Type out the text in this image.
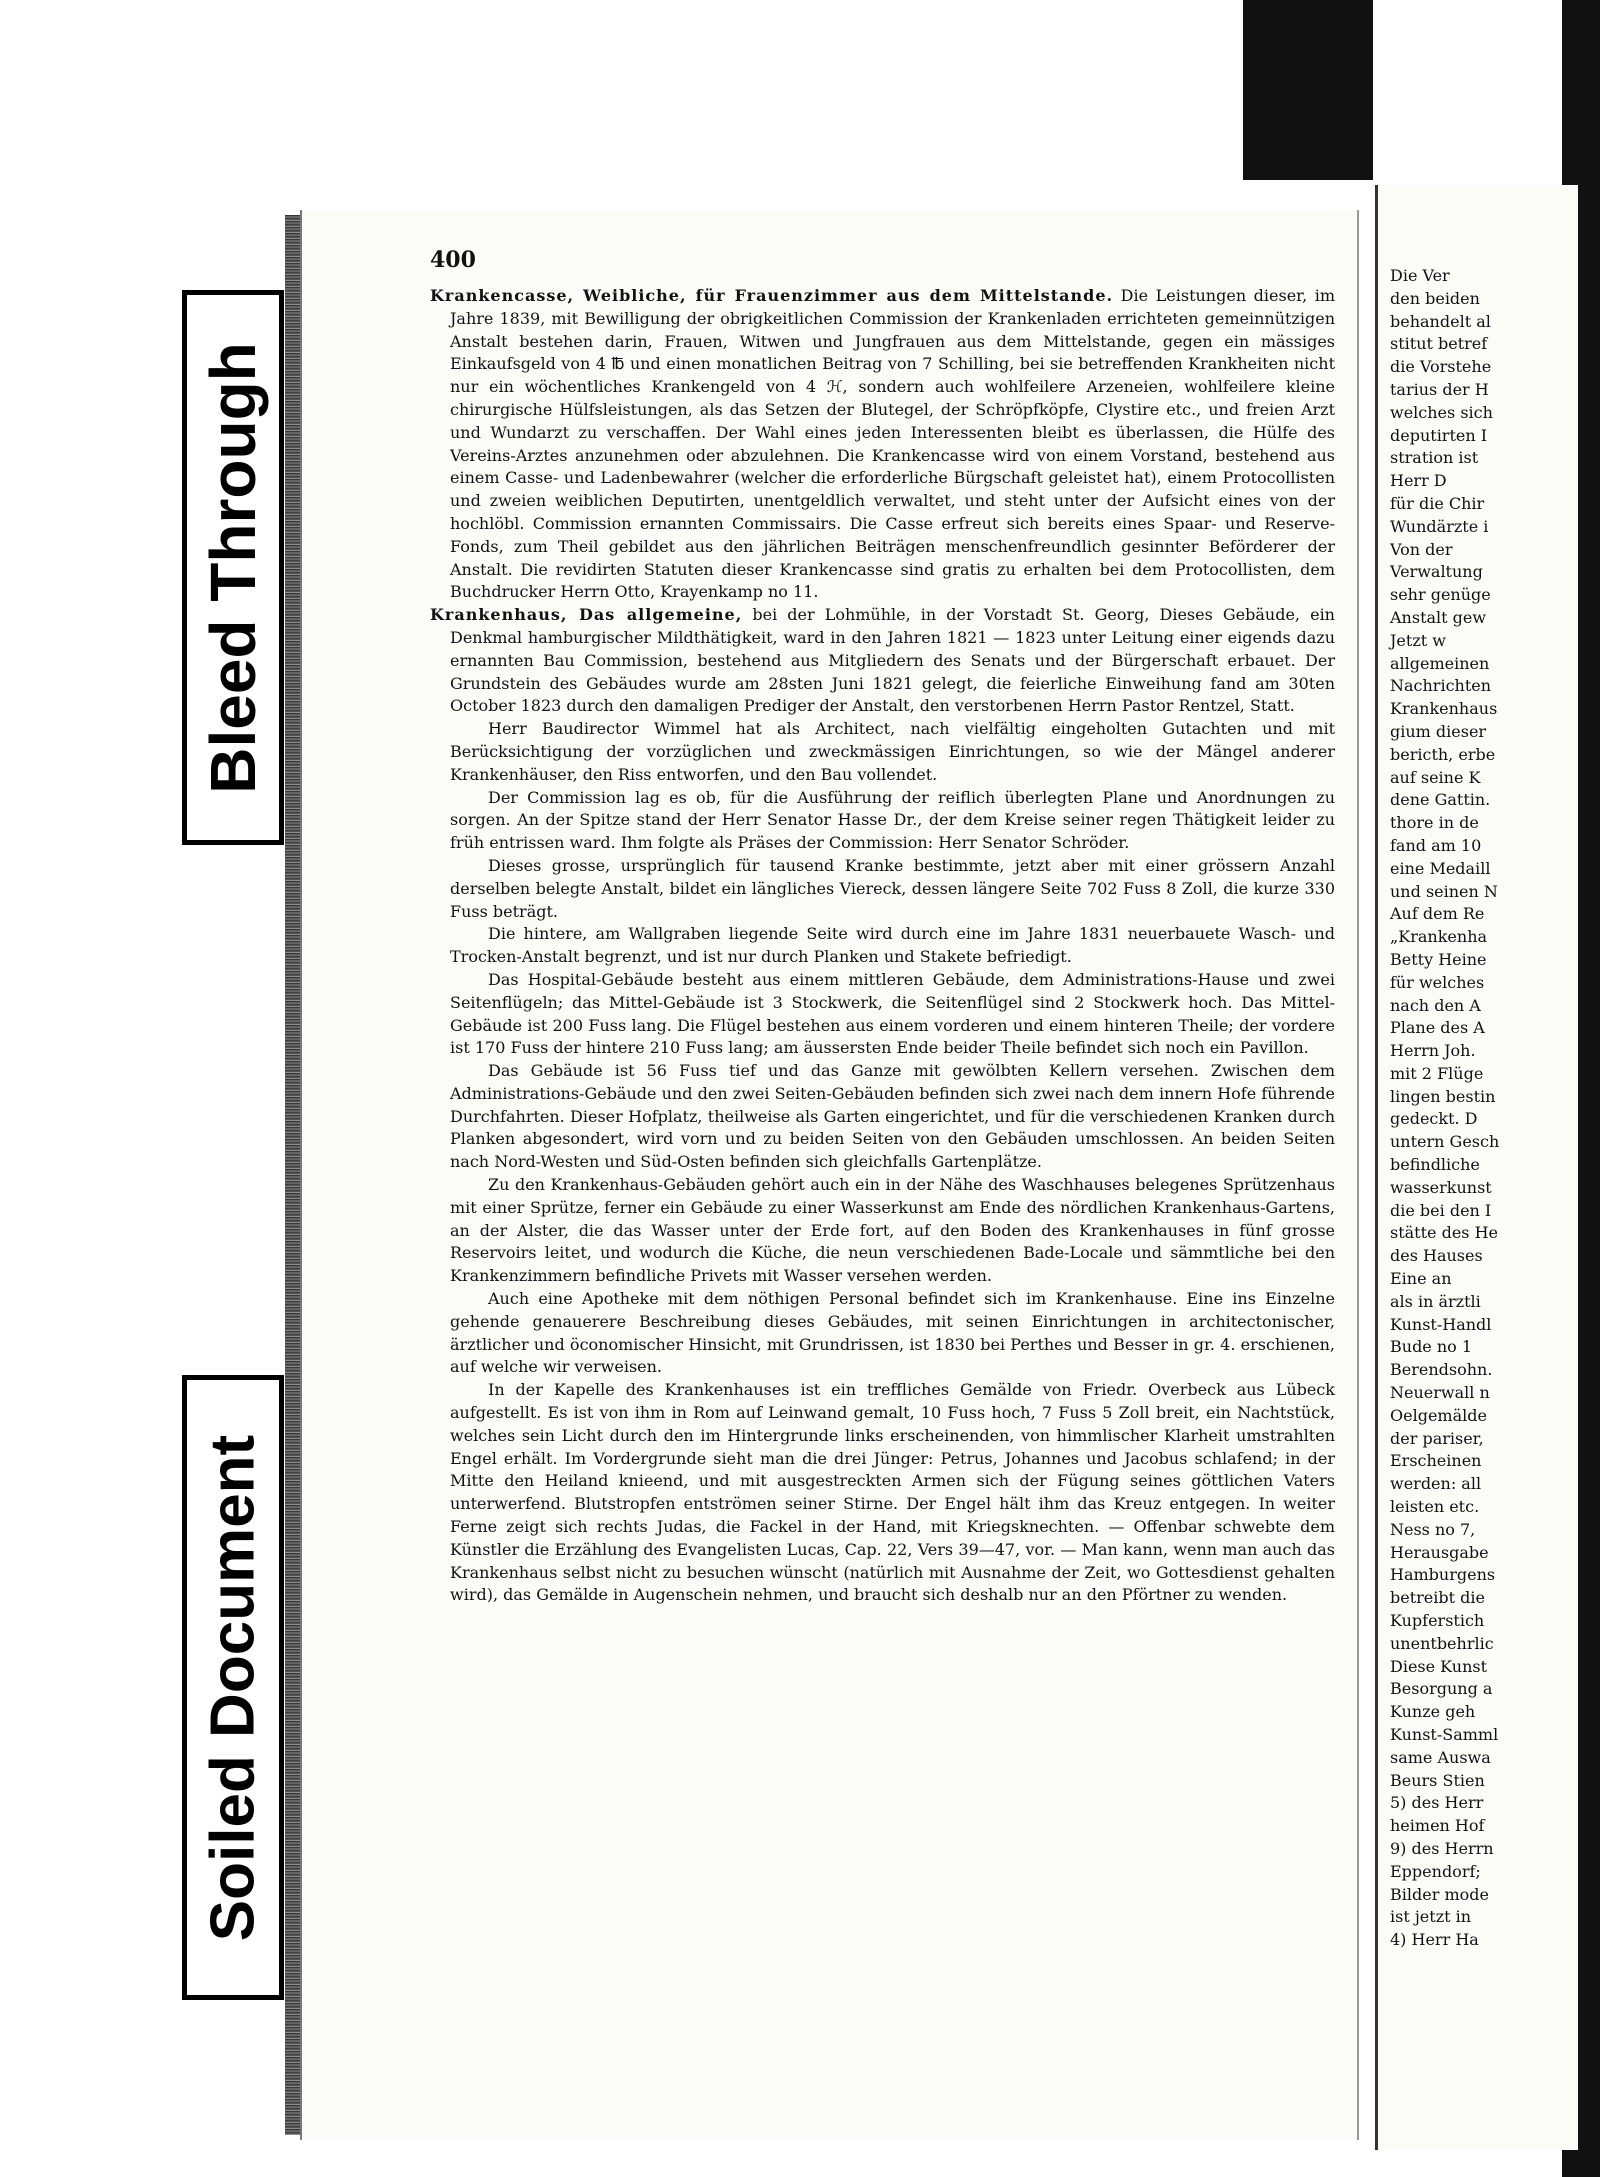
Bleed Through
Soiled Document
400
Krankencasse, Weibliche, für Frauenzimmer aus dem Mittelstande. Die Leistungen dieser, im Jahre 1839, mit Bewilligung der obrigkeitlichen Commission der Krankenladen errichteten gemeinnützigen Anstalt bestehen darin, Frauen, Witwen und Jungfrauen aus dem Mittelstande, gegen ein mässiges Einkaufsgeld von 4 ℔ und einen monatlichen Beitrag von 7 Schilling, bei sie betreffenden Krankheiten nicht nur ein wöchentliches Krankengeld von 4 ℋ, sondern auch wohlfeilere Arzeneien, wohlfeilere kleine chirurgische Hülfsleistungen, als das Setzen der Blutegel, der Schröpfköpfe, Clystire etc., und freien Arzt und Wundarzt zu verschaffen. Der Wahl eines jeden Interessenten bleibt es überlassen, die Hülfe des Vereins-Arztes anzunehmen oder abzulehnen. Die Krankencasse wird von einem Vorstand, bestehend aus einem Casse- und Ladenbewahrer (welcher die erforderliche Bürgschaft geleistet hat), einem Protocollisten und zweien weiblichen Deputirten, unentgeldlich verwaltet, und steht unter der Aufsicht eines von der hochlöbl. Commission ernannten Commissairs. Die Casse erfreut sich bereits eines Spaar- und Reserve-Fonds, zum Theil gebildet aus den jährlichen Beiträgen menschenfreundlich gesinnter Beförderer der Anstalt. Die revidirten Statuten dieser Krankencasse sind gratis zu erhalten bei dem Protocollisten, dem Buchdrucker Herrn Otto, Krayenkamp no 11.
Krankenhaus, Das allgemeine, bei der Lohmühle, in der Vorstadt St. Georg, Dieses Gebäude, ein Denkmal hamburgischer Mildthätigkeit, ward in den Jahren 1821 — 1823 unter Leitung einer eigends dazu ernannten Bau Commission, bestehend aus Mitgliedern des Senats und der Bürgerschaft erbauet. Der Grundstein des Gebäudes wurde am 28sten Juni 1821 gelegt, die feierliche Einweihung fand am 30ten October 1823 durch den damaligen Prediger der Anstalt, den verstorbenen Herrn Pastor Rentzel, Statt.

Herr Baudirector Wimmel hat als Architect, nach vielfältig eingeholten Gutachten und mit Berücksichtigung der vorzüglichen und zweckmässigen Einrichtungen, so wie der Mängel anderer Krankenhäuser, den Riss entworfen, und den Bau vollendet.

Der Commission lag es ob, für die Ausführung der reiflich überlegten Plane und Anordnungen zu sorgen. An der Spitze stand der Herr Senator Hasse Dr., der dem Kreise seiner regen Thätigkeit leider zu früh entrissen ward. Ihm folgte als Präses der Commission: Herr Senator Schröder.

Dieses grosse, ursprünglich für tausend Kranke bestimmte, jetzt aber mit einer grössern Anzahl derselben belegte Anstalt, bildet ein längliches Viereck, dessen längere Seite 702 Fuss 8 Zoll, die kurze 330 Fuss beträgt.

Die hintere, am Wallgraben liegende Seite wird durch eine im Jahre 1831 neuerbauete Wasch- und Trocken-Anstalt begrenzt, und ist nur durch Planken und Stakete befriedigt.

Das Hospital-Gebäude besteht aus einem mittleren Gebäude, dem Administrations-Hause und zwei Seitenflügeln; das Mittel-Gebäude ist 3 Stockwerk, die Seitenflügel sind 2 Stockwerk hoch. Das Mittel-Gebäude ist 200 Fuss lang. Die Flügel bestehen aus einem vorderen und einem hinteren Theile; der vordere ist 170 Fuss der hintere 210 Fuss lang; am äussersten Ende beider Theile befindet sich noch ein Pavillon.

Das Gebäude ist 56 Fuss tief und das Ganze mit gewölbten Kellern versehen. Zwischen dem Administrations-Gebäude und den zwei Seiten-Gebäuden befinden sich zwei nach dem innern Hofe führende Durchfahrten. Dieser Hofplatz, theilweise als Garten eingerichtet, und für die verschiedenen Kranken durch Planken abgesondert, wird vorn und zu beiden Seiten von den Gebäuden umschlossen. An beiden Seiten nach Nord-Westen und Süd-Osten befinden sich gleichfalls Gartenplätze.

Zu den Krankenhaus-Gebäuden gehört auch ein in der Nähe des Waschhauses belegenes Sprützenhaus mit einer Sprütze, ferner ein Gebäude zu einer Wasserkunst am Ende des nördlichen Krankenhaus-Gartens, an der Alster, die das Wasser unter der Erde fort, auf den Boden des Krankenhauses in fünf grosse Reservoirs leitet, und wodurch die Küche, die neun verschiedenen Bade-Locale und sämmtliche bei den Krankenzimmern befindliche Privets mit Wasser versehen werden.

Auch eine Apotheke mit dem nöthigen Personal befindet sich im Krankenhause. Eine ins Einzelne gehende genauerere Beschreibung dieses Gebäudes, mit seinen Einrichtungen in architectonischer, ärztlicher und öconomischer Hinsicht, mit Grundrissen, ist 1830 bei Perthes und Besser in gr. 4. erschienen, auf welche wir verweisen.

In der Kapelle des Krankenhauses ist ein treffliches Gemälde von Friedr. Overbeck aus Lübeck aufgestellt. Es ist von ihm in Rom auf Leinwand gemalt, 10 Fuss hoch, 7 Fuss 5 Zoll breit, ein Nachtstück, welches sein Licht durch den im Hintergrunde links erscheinenden, von himmlischer Klarheit umstrahlten Engel erhält. Im Vordergrunde sieht man die drei Jünger: Petrus, Johannes und Jacobus schlafend; in der Mitte den Heiland knieend, und mit ausgestreckten Armen sich der Fügung seines göttlichen Vaters unterwerfend. Blutstropfen entströmen seiner Stirne. Der Engel hält ihm das Kreuz entgegen. In weiter Ferne zeigt sich rechts Judas, die Fackel in der Hand, mit Kriegsknechten. — Offenbar schwebte dem Künstler die Erzählung des Evangelisten Lucas, Cap. 22, Vers 39—47, vor. — Man kann, wenn man auch das Krankenhaus selbst nicht zu besuchen wünscht (natürlich mit Ausnahme der Zeit, wo Gottesdienst gehalten wird), das Gemälde in Augenschein nehmen, und braucht sich deshalb nur an den Pförtner zu wenden.

Die Ver
den beiden
behandelt al
stitut betref
die Vorstehe
tarius der H
welches sich
deputirten I
stration ist
Herr D
für die Chir
Wundärzte i
Von der
Verwaltung
sehr genüge
Anstalt gew
Jetzt w
allgemeinen
Nachrichten
Krankenhaus
gium dieser
bericth, erbe
auf seine K
dene Gattin.
thore in de
fand am 10
eine Medaill
und seinen N
Auf dem Re
„Krankenha
Betty Heine
für welches
nach den A
Plane des A
Herrn Joh.
mit 2 Flüge
lingen bestin
gedeckt. D
untern Gesch
befindliche
wasserkunst
die bei den I
stätte des He
des Hauses
Eine an
als in ärztli
Kunst-Handl
Bude no 1
Berendsohn.
Neuerwall n
Oelgemälde
der pariser,
Erscheinen
werden: all
leisten etc.
Ness no 7,
Herausgabe
Hamburgens
betreibt die
Kupferstich
unentbehrlic
Diese Kunst
Besorgung a
Kunze geh
Kunst-Samml
same Auswa
Beurs Stien
5) des Herr
heimen Hof
9) des Herrn
Eppendorf;
Bilder mode
ist jetzt in
4) Herr Ha
